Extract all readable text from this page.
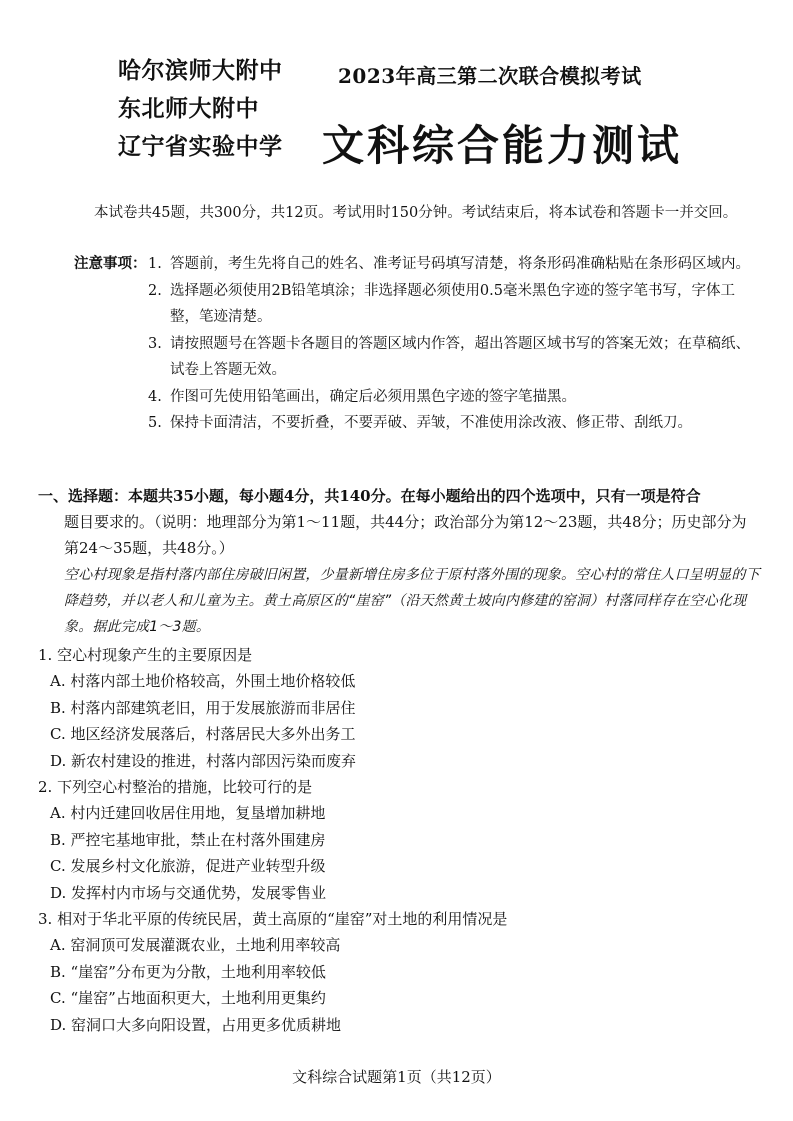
哈尔滨师大附中
东北师大附中
辽宁省实验中学
2023年高三第二次联合模拟考试
文科综合能力测试
本试卷共45题，共300分，共12页。考试用时150分钟。考试结束后，将本试卷和答题卡一并交回。
注意事项： 1. 答题前，考生先将自己的姓名、准考证号码填写清楚，将条形码准确粘贴在条形码区域内。
2. 选择题必须使用2B铅笔填涂；非选择题必须使用0.5毫米黑色字迹的签字笔书写，字体工整，笔迹清楚。
3. 请按照题号在答题卡各题目的答题区域内作答，超出答题区域书写的答案无效；在草稿纸、试卷上答题无效。
4. 作图可先使用铅笔画出，确定后必须用黑色字迹的签字笔描黑。
5. 保持卡面清洁，不要折叠，不要弄破、弄皱，不准使用涂改液、修正带、刮纸刀。
一、选择题：本题共35小题，每小题4分，共140分。在每小题给出的四个选项中，只有一项是符合
题目要求的。（说明：地理部分为第1～11题，共44分；政治部分为第12～23题，共48分；历史部分为第24～35题，共48分。）
空心村现象是指村落内部住房破旧闲置，少量新增住房多位于原村落外围的现象。空心村的常住人口呈明显的下降趋势，并以老人和儿童为主。黄土高原区的“崖窑”（沿天然黄土坡向内修建的窑洞）村落同样存在空心化现象。据此完成1～3题。
1. 空心村现象产生的主要原因是
A. 村落内部土地价格较高，外围土地价格较低
B. 村落内部建筑老旧，用于发展旅游而非居住
C. 地区经济发展落后，村落居民大多外出务工
D. 新农村建设的推进，村落内部因污染而废弃
2. 下列空心村整治的措施，比较可行的是
A. 村内迁建回收居住用地，复垦增加耕地
B. 严控宅基地审批，禁止在村落外围建房
C. 发展乡村文化旅游，促进产业转型升级
D. 发挥村内市场与交通优势，发展零售业
3. 相对于华北平原的传统民居，黄土高原的“崖窑”对土地的利用情况是
A. 窑洞顶可发展灌溉农业，土地利用率较高
B. “崖窑”分布更为分散，土地利用率较低
C. “崖窑”占地面积更大，土地利用更集约
D. 窑洞口大多向阳设置，占用更多优质耕地
文科综合试题第1页（共12页）
